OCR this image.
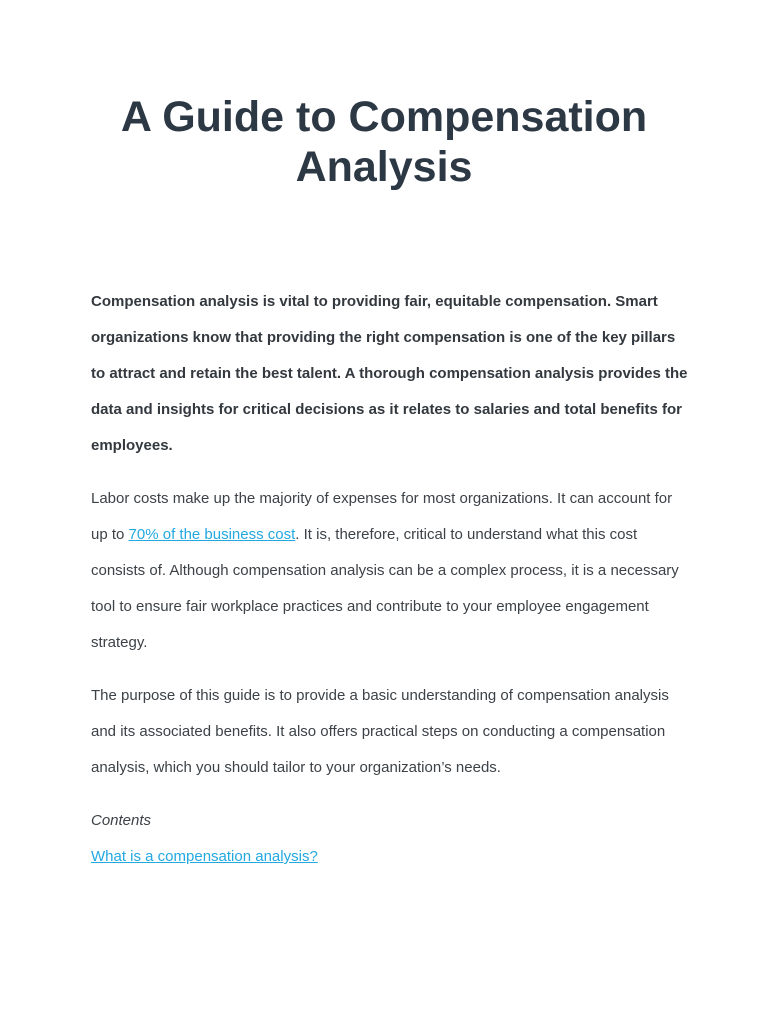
A Guide to Compensation Analysis

Compensation analysis is vital to providing fair, equitable compensation. Smart organizations know that providing the right compensation is one of the key pillars to attract and retain the best talent. A thorough compensation analysis provides the data and insights for critical decisions as it relates to salaries and total benefits for employees.

Labor costs make up the majority of expenses for most organizations. It can account for up to 70% of the business cost. It is, therefore, critical to understand what this cost consists of. Although compensation analysis can be a complex process, it is a necessary tool to ensure fair workplace practices and contribute to your employee engagement strategy.

The purpose of this guide is to provide a basic understanding of compensation analysis and its associated benefits. It also offers practical steps on conducting a compensation analysis, which you should tailor to your organization’s needs.

Contents

What is a compensation analysis?
